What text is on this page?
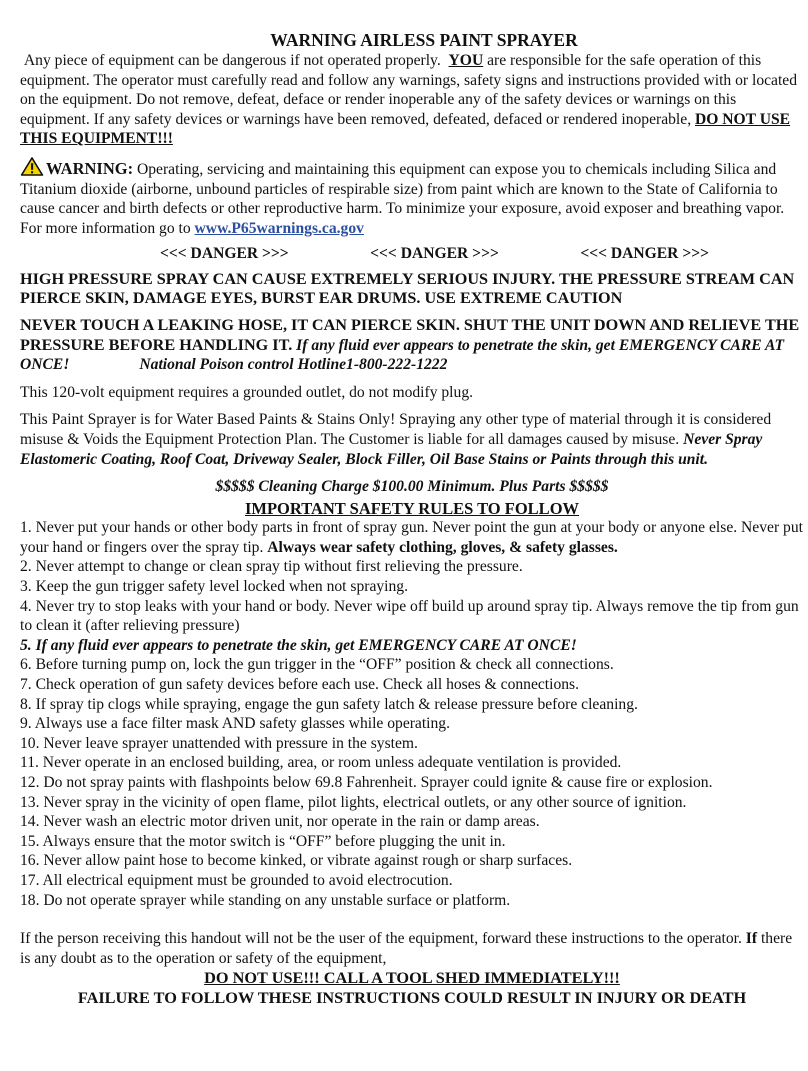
WARNING AIRLESS PAINT SPRAYER

Any piece of equipment can be dangerous if not operated properly. YOU are responsible for the safe operation of this equipment. The operator must carefully read and follow any warnings, safety signs and instructions provided with or located on the equipment. Do not remove, defeat, deface or render inoperable any of the safety devices or warnings on this equipment. If any safety devices or warnings have been removed, defeated, defaced or rendered inoperable, DO NOT USE THIS EQUIPMENT!!!

WARNING: Operating, servicing and maintaining this equipment can expose you to chemicals including Silica and Titanium dioxide (airborne, unbound particles of respirable size) from paint which are known to the State of California to cause cancer and birth defects or other reproductive harm. To minimize your exposure, avoid exposer and breathing vapor. For more information go to www.P65warnings.ca.gov

<<< DANGER >>>	<<< DANGER >>>	<<< DANGER >>>

HIGH PRESSURE SPRAY CAN CAUSE EXTREMELY SERIOUS INJURY. THE PRESSURE STREAM CAN PIERCE SKIN, DAMAGE EYES, BURST EAR DRUMS. USE EXTREME CAUTION

NEVER TOUCH A LEAKING HOSE, IT CAN PIERCE SKIN. SHUT THE UNIT DOWN AND RELIEVE THE PRESSURE BEFORE HANDLING IT. If any fluid ever appears to penetrate the skin, get EMERGENCY CARE AT ONCE!	National Poison control Hotline1-800-222-1222

This 120-volt equipment requires a grounded outlet, do not modify plug.

This Paint Sprayer is for Water Based Paints & Stains Only! Spraying any other type of material through it is considered misuse & Voids the Equipment Protection Plan. The Customer is liable for all damages caused by misuse. Never Spray Elastomeric Coating, Roof Coat, Driveway Sealer, Block Filler, Oil Base Stains or Paints through this unit.

$$$$$ Cleaning Charge $100.00 Minimum. Plus Parts $$$$$

IMPORTANT SAFETY RULES TO FOLLOW

1. Never put your hands or other body parts in front of spray gun. Never point the gun at your body or anyone else. Never put your hand or fingers over the spray tip. Always wear safety clothing, gloves, & safety glasses.
2. Never attempt to change or clean spray tip without first relieving the pressure.
3. Keep the gun trigger safety level locked when not spraying.
4. Never try to stop leaks with your hand or body. Never wipe off build up around spray tip. Always remove the tip from gun to clean it (after relieving pressure)
5. If any fluid ever appears to penetrate the skin, get EMERGENCY CARE AT ONCE!
6. Before turning pump on, lock the gun trigger in the “OFF” position & check all connections.
7. Check operation of gun safety devices before each use. Check all hoses & connections.
8. If spray tip clogs while spraying, engage the gun safety latch & release pressure before cleaning.
9. Always use a face filter mask AND safety glasses while operating.
10. Never leave sprayer unattended with pressure in the system.
11. Never operate in an enclosed building, area, or room unless adequate ventilation is provided.
12. Do not spray paints with flashpoints below 69.8 Fahrenheit. Sprayer could ignite & cause fire or explosion.
13. Never spray in the vicinity of open flame, pilot lights, electrical outlets, or any other source of ignition.
14. Never wash an electric motor driven unit, nor operate in the rain or damp areas.
15. Always ensure that the motor switch is “OFF” before plugging the unit in.
16. Never allow paint hose to become kinked, or vibrate against rough or sharp surfaces.
17. All electrical equipment must be grounded to avoid electrocution.
18. Do not operate sprayer while standing on any unstable surface or platform.

If the person receiving this handout will not be the user of the equipment, forward these instructions to the operator. If there is any doubt as to the operation or safety of the equipment,

DO NOT USE!!! CALL A TOOL SHED IMMEDIATELY!!!

FAILURE TO FOLLOW THESE INSTRUCTIONS COULD RESULT IN INJURY OR DEATH
